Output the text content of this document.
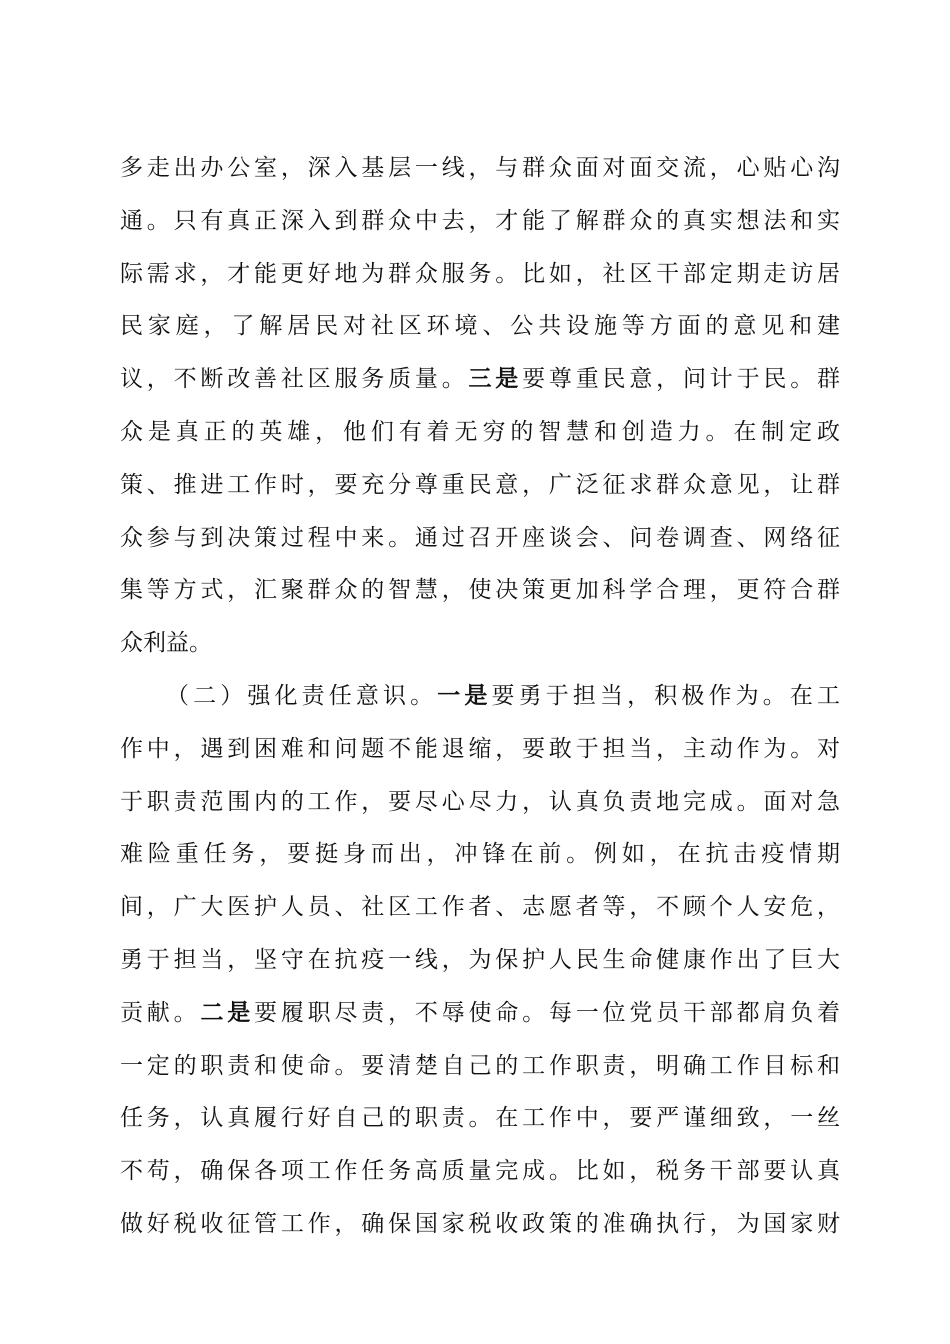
多走出办公室，深入基层一线，与群众面对面交流，心贴心沟
通。只有真正深入到群众中去，才能了解群众的真实想法和实
际需求，才能更好地为群众服务。比如，社区干部定期走访居
民家庭，了解居民对社区环境、公共设施等方面的意见和建
议，不断改善社区服务质量。三是要尊重民意，问计于民。群
众是真正的英雄，他们有着无穷的智慧和创造力。在制定政
策、推进工作时，要充分尊重民意，广泛征求群众意见，让群
众参与到决策过程中来。通过召开座谈会、问卷调查、网络征
集等方式，汇聚群众的智慧，使决策更加科学合理，更符合群
众利益。
（二）强化责任意识。一是要勇于担当，积极作为。在工
作中，遇到困难和问题不能退缩，要敢于担当，主动作为。对
于职责范围内的工作，要尽心尽力，认真负责地完成。面对急
难险重任务，要挺身而出，冲锋在前。例如，在抗击疫情期
间，广大医护人员、社区工作者、志愿者等，不顾个人安危，
勇于担当，坚守在抗疫一线，为保护人民生命健康作出了巨大
贡献。二是要履职尽责，不辱使命。每一位党员干部都肩负着
一定的职责和使命。要清楚自己的工作职责，明确工作目标和
任务，认真履行好自己的职责。在工作中，要严谨细致，一丝
不苟，确保各项工作任务高质量完成。比如，税务干部要认真
做好税收征管工作，确保国家税收政策的准确执行，为国家财
